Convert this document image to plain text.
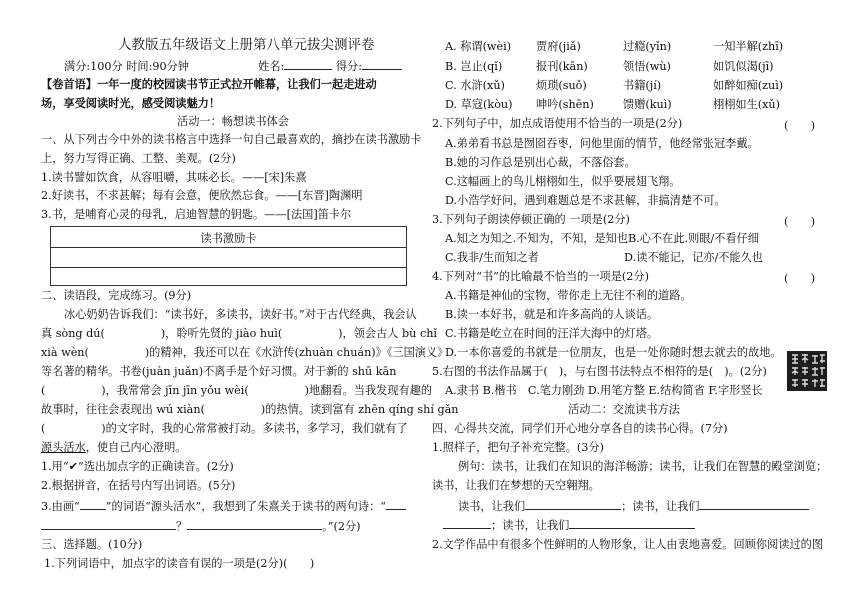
人教版五年级语文上册第八单元拔尖测评卷
满分:100分 时间:90分钟	姓名:	得分:
【卷首语】一年一度的校园读书节正式拉开帷幕，让我们一起走进动
场，享受阅读时光，感受阅读魅力！
活动一：畅想读书体会
一、从下列古今中外的读书格言中选择一句自己最喜欢的，摘抄在读书激励卡
上，努力写得正确、工整、美观。(2分)
1.读书譬如饮食，从容咀嚼，其味必长。——[宋]朱熹
2.好读书，不求甚解；每有会意，便欣然忘食。——[东晋]陶渊明
3.书，是哺育心灵的母乳，启迪智慧的钥匙。——[法国]笛卡尔
读书激励卡
二、读语段，完成练习。(9分)
冰心奶奶告诉我们：“读书好，多读书，读好书。”对于古代经典，我会认
真 sòng dú(　　　　　)，聆听先贤的 jiào huì(　　　　　)，领会古人 bù chǐ
xià wèn(　　　　　)的精神，我还可以在《水浒传(zhuàn chuán)》《三国演义》
等名著的精华。书卷(juàn juǎn)不离手是个好习惯。对于新的 shū kān
(　　　　　)，我常常会 jīn jīn yǒu wèi(　　　　　)地翻看。当我发现有趣的
故事时，往往会表现出 wú xiàn(　　　　　)的热情。读到富有 zhēn qíng shí gǎn
(　　　　　)的文字时，我的心常常被打动。多读书，多学习，我们就有了
源头活水，使自己内心澄明。
1.用“✔”选出加点字的正确读音。(2分)
2.根据拼音，在括号内写出词语。(5分)
3.由画“ ”的词语“源头活水”，我想到了朱熹关于读书的两句诗：“
？	。”(2分)
三、选择题。(10分)
1.下列词语中，加点字的读音有误的一项是(2分)(　　)
A. 称谓(wèi) 贾府(jiǎ)	过瘾(yǐn)	一知半解(zhī)
B. 岂止(qǐ)	报刊(kān)	领悟(wù)	如饥似渴(jī)
C. 水浒(xǔ)	烦琐(suǒ)	书籍(jí)	如醉如痴(zuì)
D. 草寇(kòu) 呻吟(shēn)	馈赠(kuì)	栩栩如生(xǔ)
2.下列句子中，加点成语使用不恰当的一项是(2分)	(　　)
A.弟弟看书总是囫囵吞枣，问他里面的情节，他经常张冠李戴。
B.她的习作总是别出心裁，不落俗套。
C.这幅画上的鸟儿栩栩如生，似乎要展翅飞翔。
D.小浩学好问，遇到难题总是不求甚解，非搞清楚不可。
3.下列句子朗读停顿正确的 一项是(2分)	(　　)
A.知之为知之.不知为，不知，是知也B.心不在此.则眼/不看仔细
C.我非/生而知之者	D.读不能记，记亦/不能久也
4.下列对“书”的比喻最不恰当的一项是(2分)	(　　)
A.书籍是神仙的宝物，带你走上无往不利的道路。
B.读一本好书，就是和许多高尚的人谈话。
C.书籍是屹立在时间的汪洋大海中的灯塔。
D.一本你喜爱的书就是一位朋友，也是一处你随时想去就去的故地。
5.右图的书法作品属于(　)，与右图书法特点不相符的是(　)。(2分)
A.隶书 B.楷书　C.笔力刚劲 D.用笔方整 E.结构简省 F.字形竖长
活动二：交流读书方法
四、心得共交流，同学们开心地分享各自的读书心得。(7分)
1.照样子，把句子补充完整。(3分)
例句：读书，让我们在知识的海洋畅游；读书，让我们在智慧的殿堂浏览；
读书，让我们在梦想的天空翱翔。
读书，让我们	；读书，让我们
；读书，让我们
2.文学作品中有很多个性鲜明的人物形象，让人由衷地喜爱。回顾你阅读过的图
